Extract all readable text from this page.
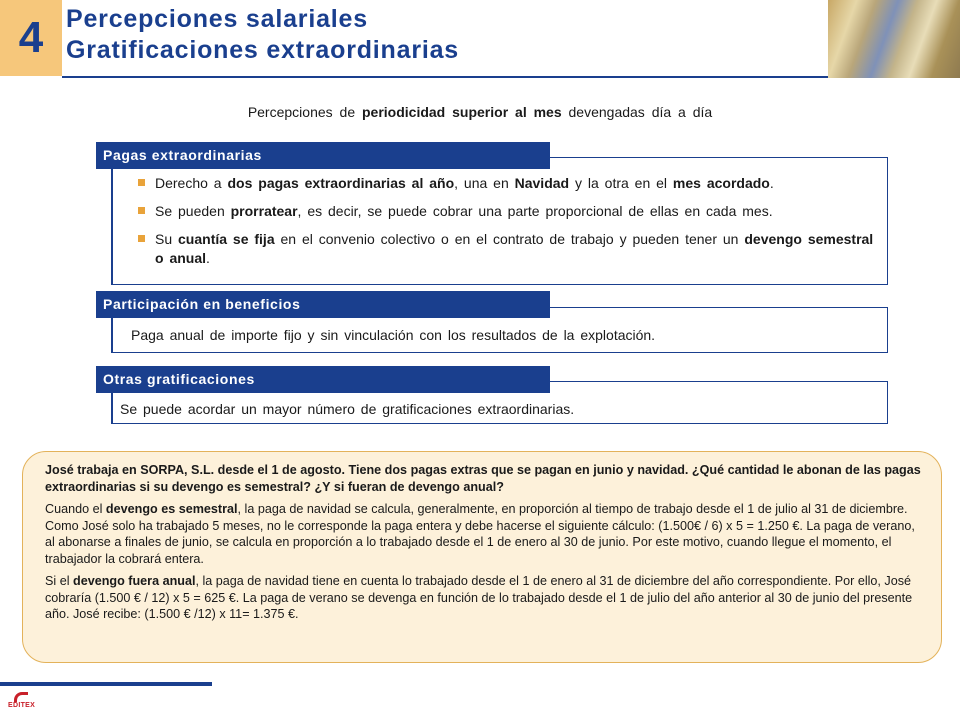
4 Percepciones salariales
Gratificaciones extraordinarias
Percepciones de periodicidad superior al mes devengadas día a día
Derecho a dos pagas extraordinarias al año, una en Navidad y la otra en el mes acordado.
Se pueden prorratear, es decir, se puede cobrar una parte proporcional de ellas en cada mes.
Su cuantía se fija en el convenio colectivo o en el contrato de trabajo y pueden tener un devengo semestral o anual.
Pagas extraordinarias
Paga anual de importe fijo y sin vinculación con los resultados de la explotación.
Participación en beneficios
Se puede acordar un mayor número de gratificaciones extraordinarias.
Otras gratificaciones

José trabaja en SORPA, S.L. desde el 1 de agosto. Tiene dos pagas extras que se pagan en junio y navidad. ¿Qué cantidad le abonan de las pagas extraordinarias si su devengo es semestral? ¿Y si fueran de devengo anual?

Cuando el devengo es semestral, la paga de navidad se calcula, generalmente, en proporción al tiempo de trabajo desde el 1 de julio al 31 de diciembre. Como José solo ha trabajado 5 meses, no le corresponde la paga entera y debe hacerse el siguiente cálculo: (1.500€ / 6) x 5 = 1.250 €. La paga de verano, al abonarse a finales de junio, se calcula en proporción a lo trabajado desde el 1 de enero al 30 de junio. Por este motivo, cuando llegue el momento, el trabajador la cobrará entera.

Si el devengo fuera anual, la paga de navidad tiene en cuenta lo trabajado desde el 1 de enero al 31 de diciembre del año correspondiente. Por ello, José cobraría (1.500 € / 12) x 5 = 625 €. La paga de verano se devenga en función de lo trabajado desde el 1 de julio del año anterior al 30 de junio del presente año. José recibe: (1.500 € /12) x 11= 1.375 €.

EDITEX
